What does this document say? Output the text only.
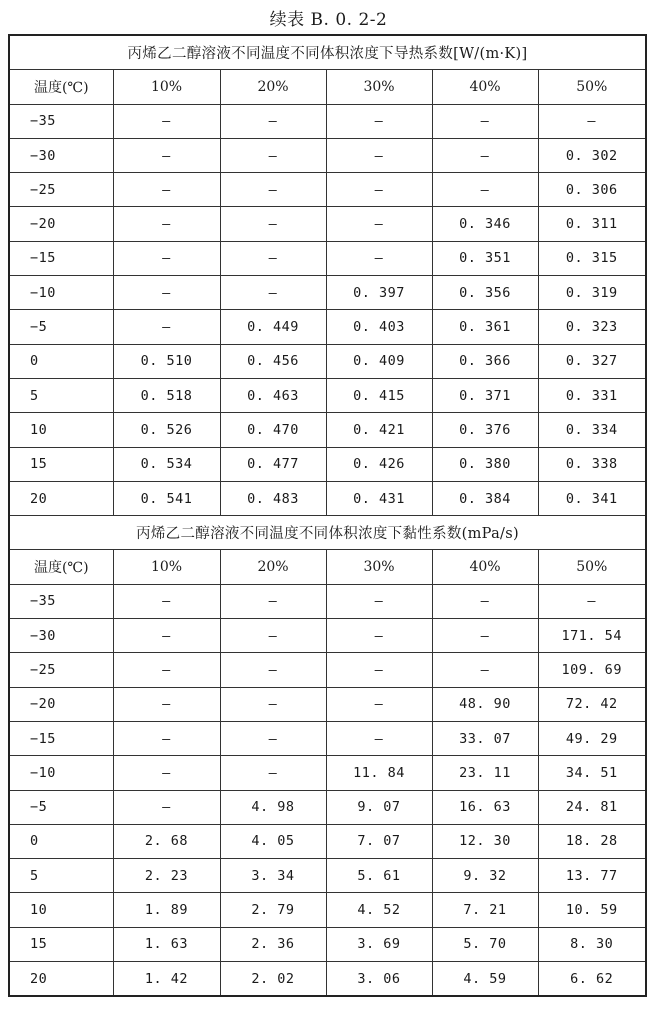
续表 B. 0. 2-2
丙烯乙二醇溶液不同温度不同体积浓度下导热系数[W/(m·K)]					
温度(℃)	10%	20%	30%	40%	50%
−35	—	—	—	—	—
−30	—	—	—	—	0. 302
−25	—	—	—	—	0. 306
−20	—	—	—	0. 346	0. 311
−15	—	—	—	0. 351	0. 315
−10	—	—	0. 397	0. 356	0. 319
−5	—	0. 449	0. 403	0. 361	0. 323
0	0. 510	0. 456	0. 409	0. 366	0. 327
5	0. 518	0. 463	0. 415	0. 371	0. 331
10	0. 526	0. 470	0. 421	0. 376	0. 334
15	0. 534	0. 477	0. 426	0. 380	0. 338
20	0. 541	0. 483	0. 431	0. 384	0. 341
丙烯乙二醇溶液不同温度不同体积浓度下黏性系数(mPa/s)					
温度(℃)	10%	20%	30%	40%	50%
−35	—	—	—	—	—
−30	—	—	—	—	171. 54
−25	—	—	—	—	109. 69
−20	—	—	—	48. 90	72. 42
−15	—	—	—	33. 07	49. 29
−10	—	—	11. 84	23. 11	34. 51
−5	—	4. 98	9. 07	16. 63	24. 81
0	2. 68	4. 05	7. 07	12. 30	18. 28
5	2. 23	3. 34	5. 61	9. 32	13. 77
10	1. 89	2. 79	4. 52	7. 21	10. 59
15	1. 63	2. 36	3. 69	5. 70	8. 30
20	1. 42	2. 02	3. 06	4. 59	6. 62
